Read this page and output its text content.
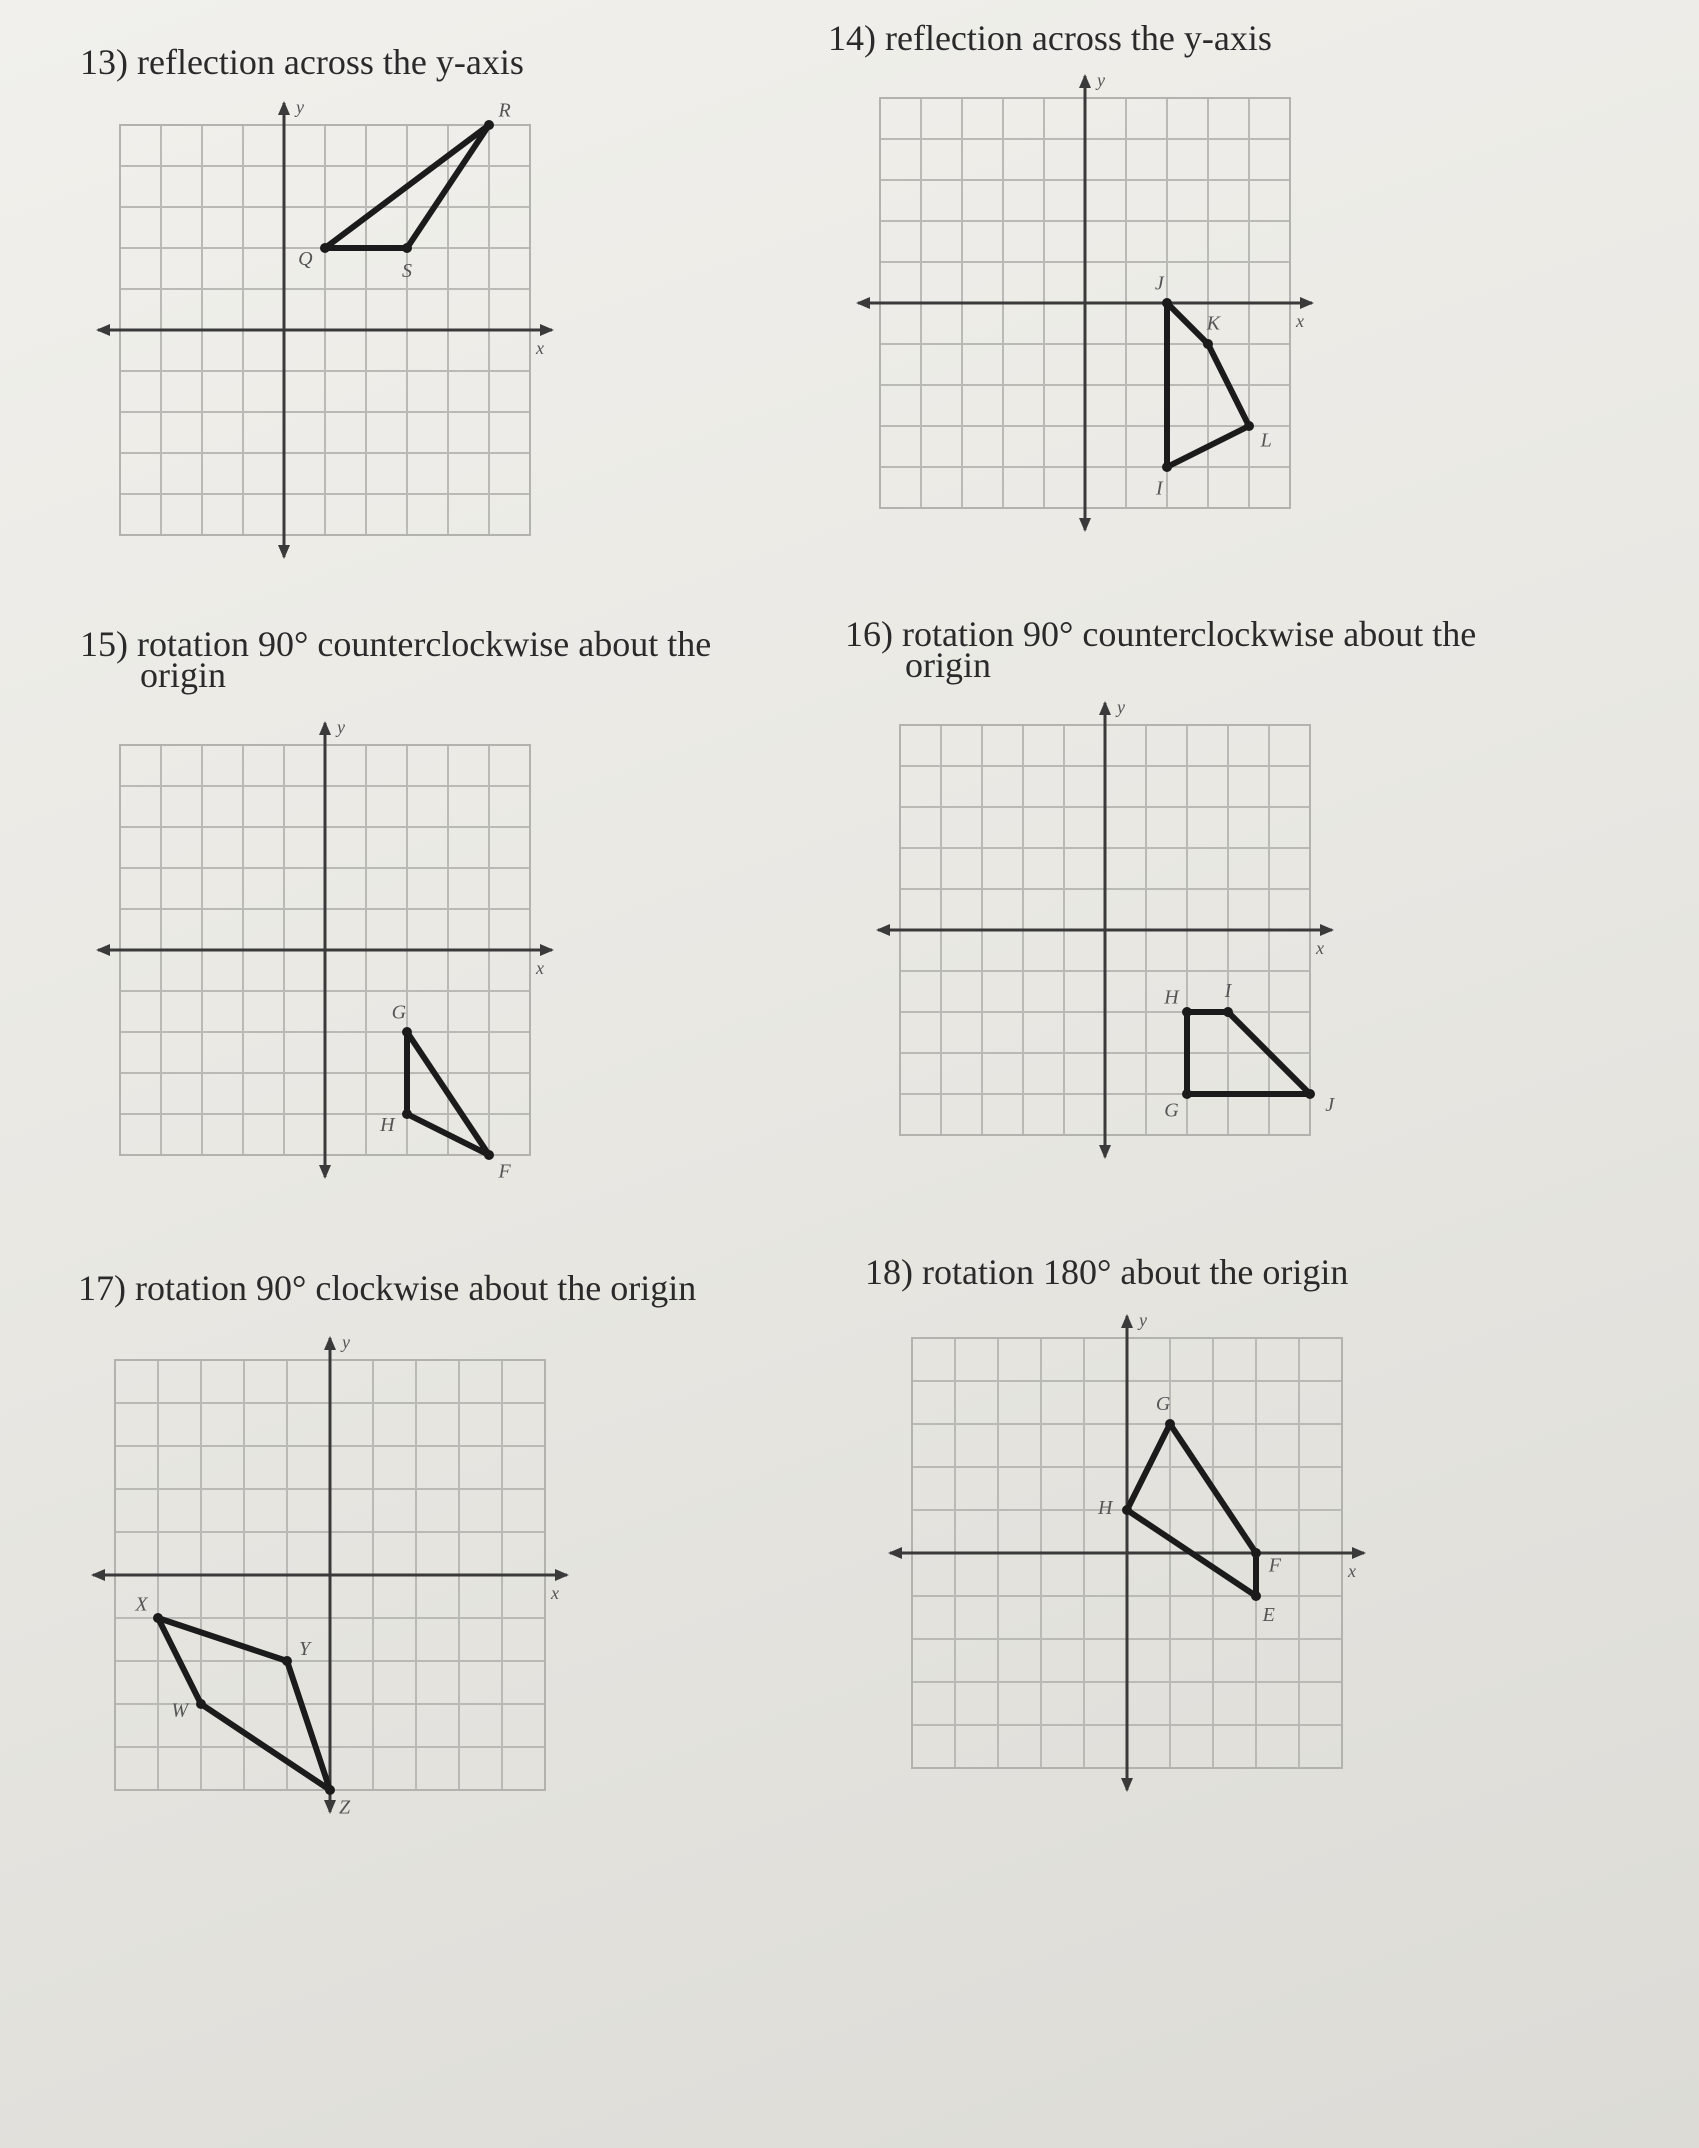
13) reflection across the y-axis
x
y
Q
R
S
14) reflection across the y-axis
x
y
J
K
L
I
15) rotation 90° counterclockwise about the
origin
x
y
G
H
F
16) rotation 90° counterclockwise about the
origin
x
y
H I
J
G
17) rotation 90° clockwise about the origin
x
y
X
Y
Z
W
18) rotation 180° about the origin
x
y
G
F
E
H
